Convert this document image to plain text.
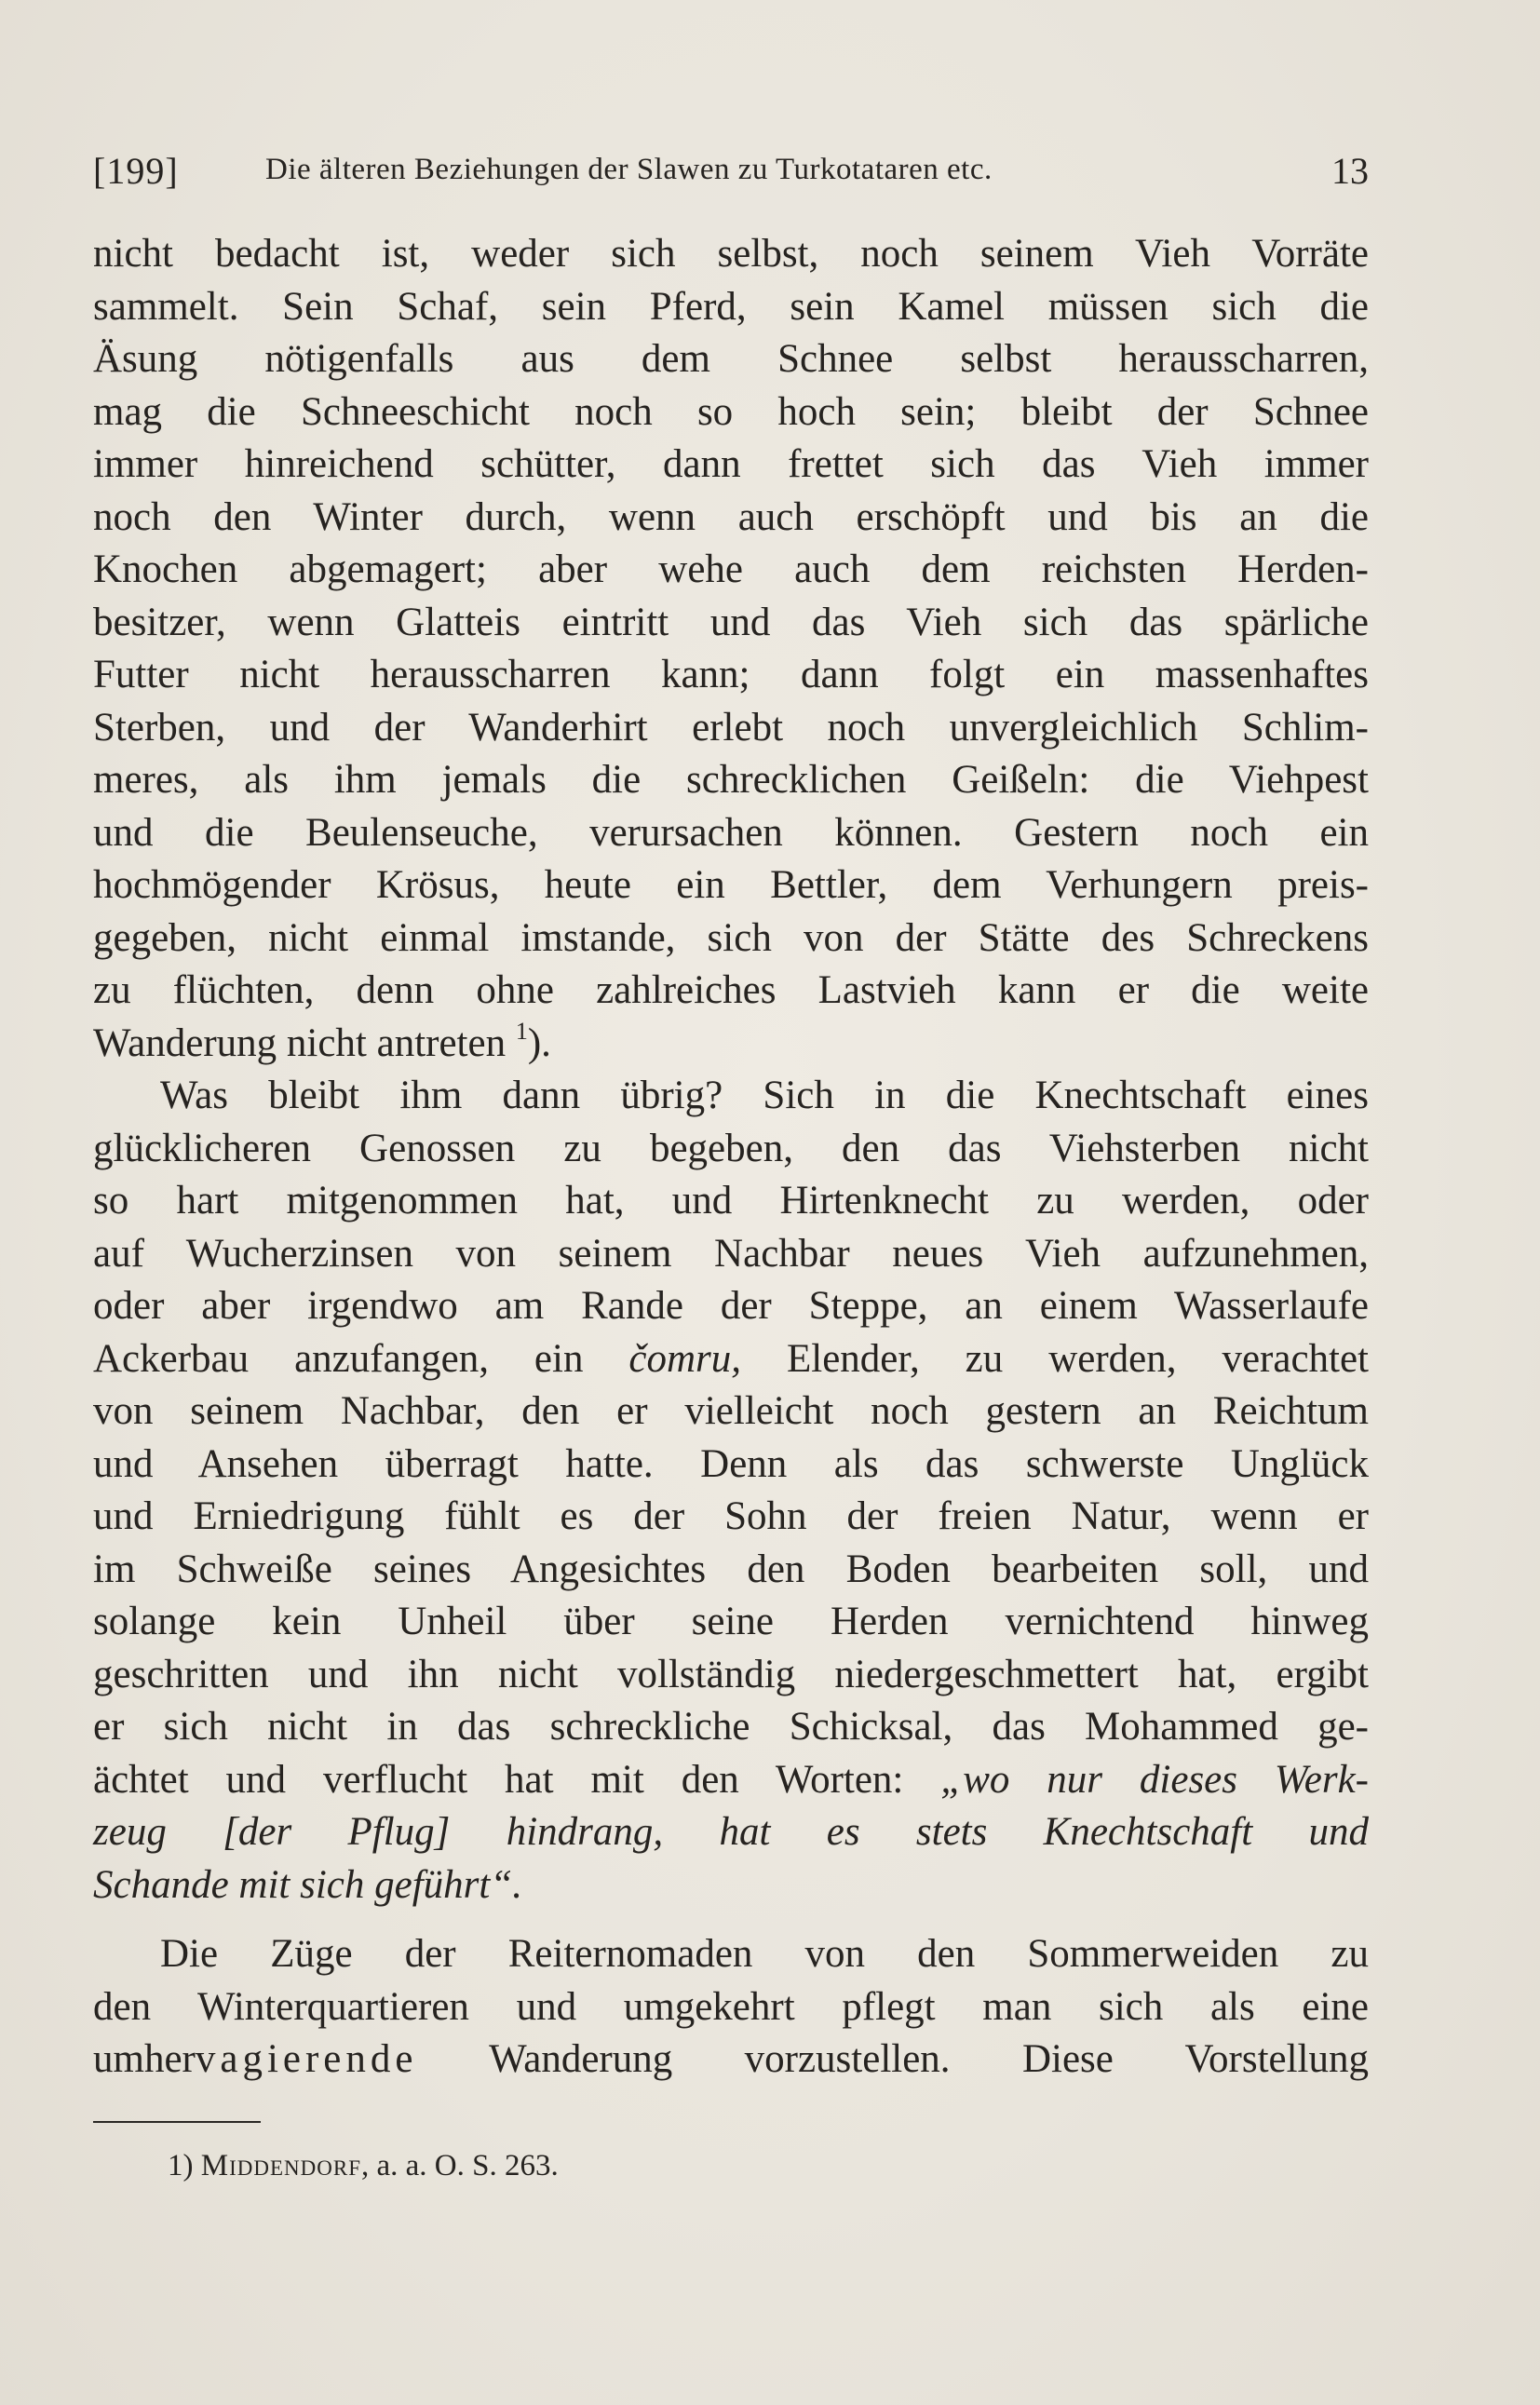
[199]	Die älteren Beziehungen der Slawen zu Turkotataren etc.	13
nicht bedacht ist, weder sich selbst, noch seinem Vieh Vorräte
sammelt. Sein Schaf, sein Pferd, sein Kamel müssen sich die
Äsung nötigenfalls aus dem Schnee selbst herausscharren,
mag die Schneeschicht noch so hoch sein; bleibt der Schnee
immer hinreichend schütter, dann frettet sich das Vieh immer
noch den Winter durch, wenn auch erschöpft und bis an die
Knochen abgemagert; aber wehe auch dem reichsten Herden-
besitzer, wenn Glatteis eintritt und das Vieh sich das spärliche
Futter nicht herausscharren kann; dann folgt ein massenhaftes
Sterben, und der Wanderhirt erlebt noch unvergleichlich Schlim-
meres, als ihm jemals die schrecklichen Geißeln: die Viehpest
und die Beulenseuche, verursachen können. Gestern noch ein
hochmögender Krösus, heute ein Bettler, dem Verhungern preis-
gegeben, nicht einmal imstande, sich von der Stätte des Schreckens
zu flüchten, denn ohne zahlreiches Lastvieh kann er die weite
Wanderung nicht antreten $^1$).
Was bleibt ihm dann übrig? Sich in die Knechtschaft eines
glücklicheren Genossen zu begeben, den das Viehsterben nicht
so hart mitgenommen hat, und Hirtenknecht zu werden, oder
auf Wucherzinsen von seinem Nachbar neues Vieh aufzunehmen,
oder aber irgendwo am Rande der Steppe, an einem Wasserlaufe
Ackerbau anzufangen, ein čomru, Elender, zu werden, verachtet
von seinem Nachbar, den er vielleicht noch gestern an Reichtum
und Ansehen überragt hatte. Denn als das schwerste Unglück
und Erniedrigung fühlt es der Sohn der freien Natur, wenn er
im Schweiße seines Angesichtes den Boden bearbeiten soll, und
solange kein Unheil über seine Herden vernichtend hinweg
geschritten und ihn nicht vollständig niedergeschmettert hat, ergibt
er sich nicht in das schreckliche Schicksal, das Mohammed ge-
ächtet und verflucht hat mit den Worten: „wo nur dieses Werk-
zeug [der Pflug] hindrang, hat es stets Knechtschaft und
Schande mit sich geführt“.
Die Züge der Reiternomaden von den Sommerweiden zu
den Winterquartieren und umgekehrt pflegt man sich als eine
umhervagierende Wanderung vorzustellen. Diese Vorstellung
1) Middendorf, a. a. O. S. 263.
